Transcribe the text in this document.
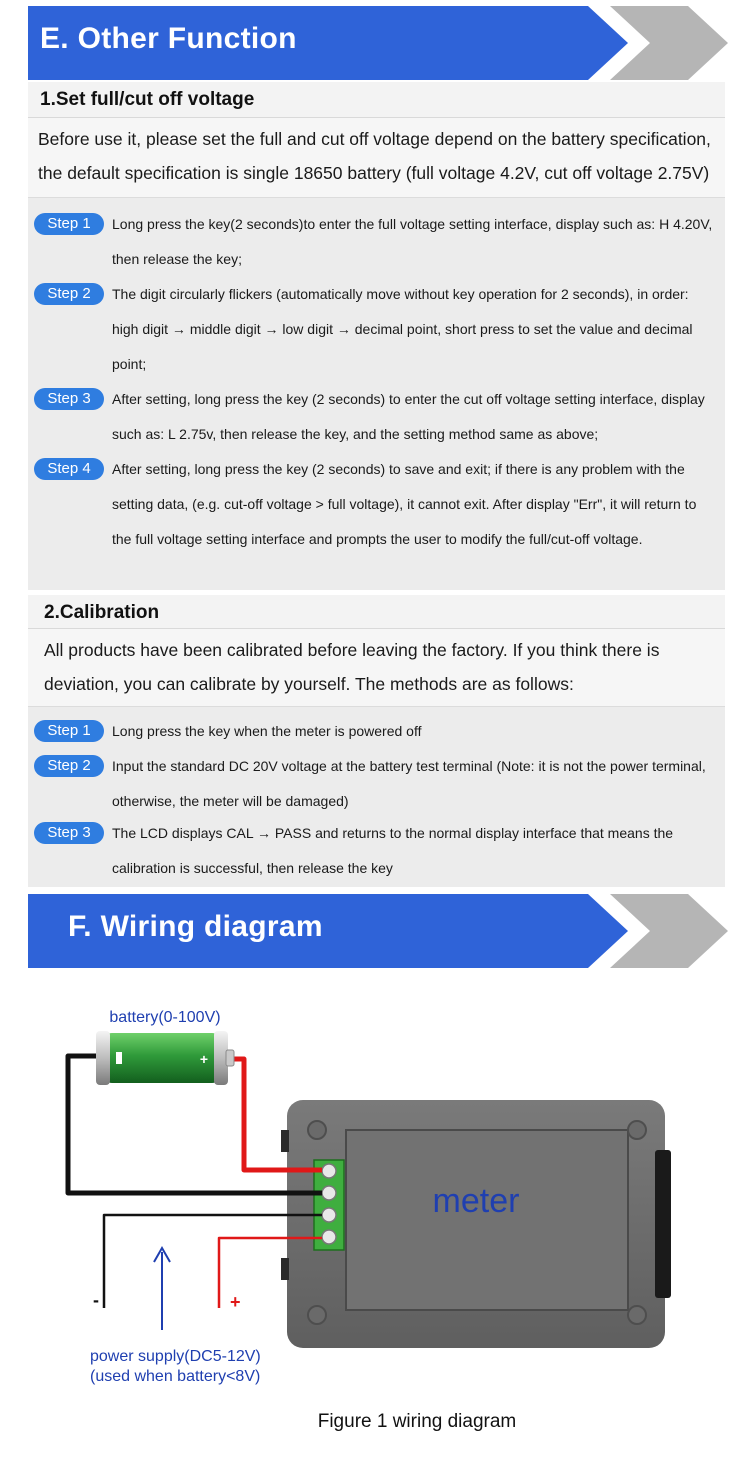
E. Other Function
1.Set full/cut off voltage

Before use it, please set the full and cut off voltage depend on the battery specification, the default specification is single 18650 battery (full voltage 4.2V, cut off voltage 2.75V)

Step 1	Long press the key(2 seconds)to enter the full voltage setting interface, display such as: H 4.20V, then release the key;
Step 2	The digit circularly flickers (automatically move without key operation for 2 seconds), in order: high digit → middle digit → low digit → decimal point, short press to set the value and decimal point;
Step 3	After setting, long press the key (2 seconds) to enter the cut off voltage setting interface, display such as: L 2.75v, then release the key, and the setting method same as above;
Step 4	After setting, long press the key (2 seconds) to save and exit; if there is any problem with the setting data, (e.g. cut-off voltage > full voltage), it cannot exit. After display "Err", it will return to the full voltage setting interface and prompts the user to modify the full/cut-off voltage.
2.Calibration

All products have been calibrated before leaving the factory. If you think there is deviation, you can calibrate by yourself. The methods are as follows:

Step 1	Long press the key when the meter is powered off
Step 2	Input the standard DC 20V voltage at the battery test terminal (Note: it is not the power terminal, otherwise, the meter will be damaged)
Step 3	The LCD displays CAL → PASS and returns to the normal display interface that means the calibration is successful, then release the key
F. Wiring diagram
battery(0-100V)
meter
+
-	+
power supply(DC5-12V)
(used when battery<8V)
Figure 1 wiring diagram
